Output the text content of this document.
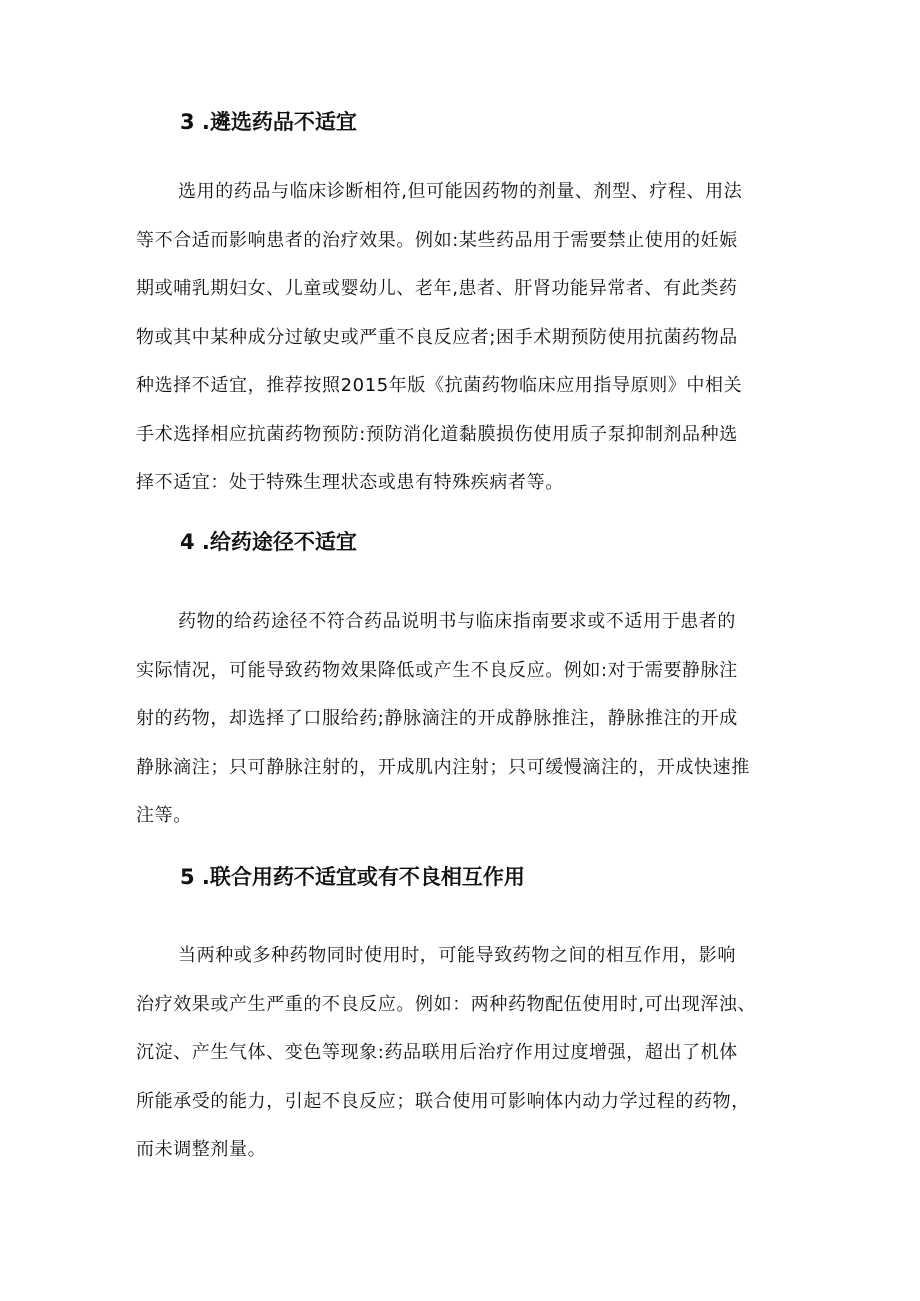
3 .遴选药品不适宜
选用的药品与临床诊断相符,但可能因药物的剂量、剂型、疗程、用法
等不合适而影响患者的治疗效果。例如:某些药品用于需要禁止使用的妊娠
期或哺乳期妇女、儿童或婴幼儿、老年,患者、肝肾功能异常者、有此类药
物或其中某种成分过敏史或严重不良反应者;困手术期预防使用抗菌药物品
种选择不适宜，推荐按照2015年版《抗菌药物临床应用指导原则》中相关
手术选择相应抗菌药物预防:预防消化道黏膜损伤使用质子泵抑制剂品种选
择不适宜：处于特殊生理状态或患有特殊疾病者等。
4 .给药途径不适宜
药物的给药途径不符合药品说明书与临床指南要求或不适用于患者的
实际情况，可能导致药物效果降低或产生不良反应。例如:对于需要静脉注
射的药物，却选择了口服给药;静脉滴注的开成静脉推注，静脉推注的开成
静脉滴注；只可静脉注射的，开成肌内注射；只可缓慢滴注的，开成快速推
注等。
5 .联合用药不适宜或有不良相互作用
当两种或多种药物同时使用时，可能导致药物之间的相互作用，影响
治疗效果或产生严重的不良反应。例如：两种药物配伍使用时,可出现浑浊、
沉淀、产生气体、变色等现象:药品联用后治疗作用过度增强，超出了机体
所能承受的能力，引起不良反应；联合使用可影响体内动力学过程的药物，
而未调整剂量。
